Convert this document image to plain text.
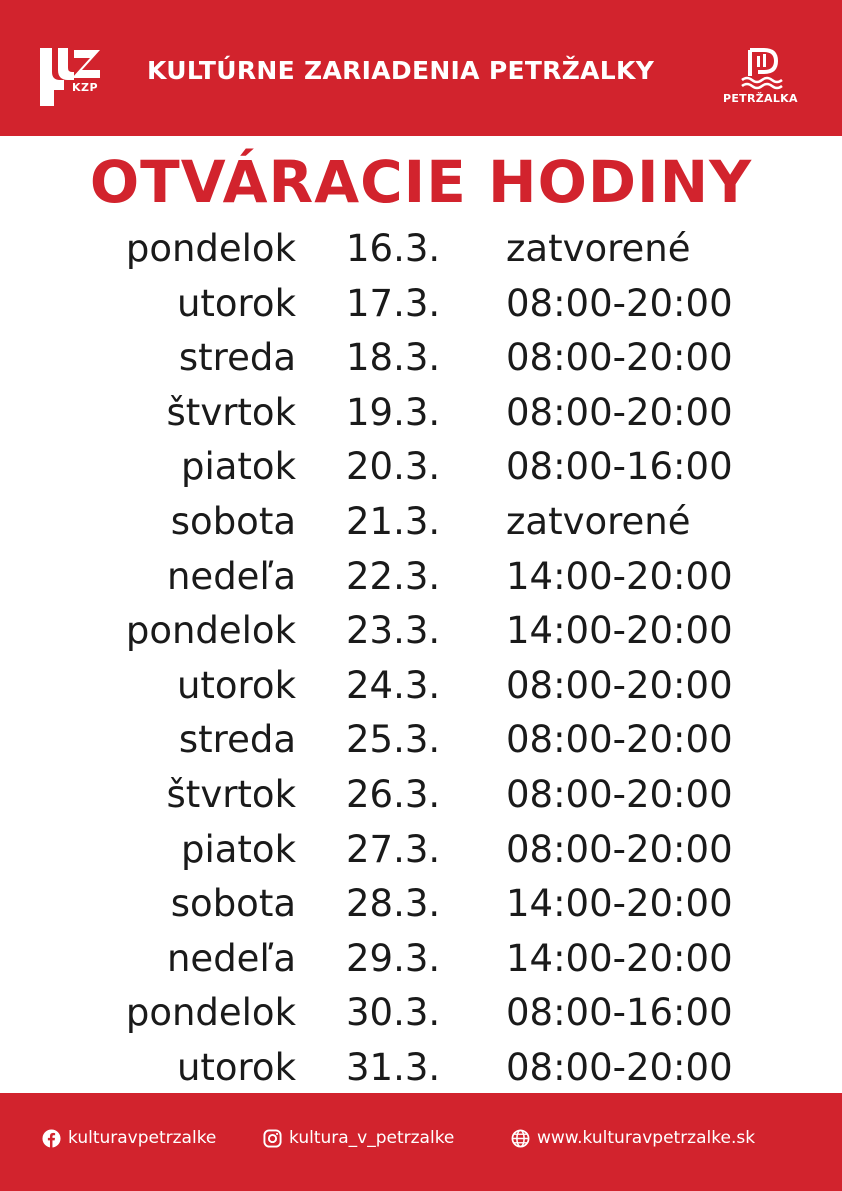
KZP
KULTÚRNE ZARIADENIA PETRŽALKY
PETRŽALKA
OTVÁRACIE HODINY
pondelok 16.3. zatvorené
utorok 17.3. 08:00-20:00
streda 18.3. 08:00-20:00
štvrtok 19.3. 08:00-20:00
piatok 20.3. 08:00-16:00
sobota 21.3. zatvorené
nedeľa 22.3. 14:00-20:00
pondelok 23.3. 14:00-20:00
utorok 24.3. 08:00-20:00
streda 25.3. 08:00-20:00
štvrtok 26.3. 08:00-20:00
piatok 27.3. 08:00-20:00
sobota 28.3. 14:00-20:00
nedeľa 29.3. 14:00-20:00
pondelok 30.3. 08:00-16:00
utorok 31.3. 08:00-20:00
kulturavpetrzalke	kultura_v_petrzalke	www.kulturavpetrzalke.sk
